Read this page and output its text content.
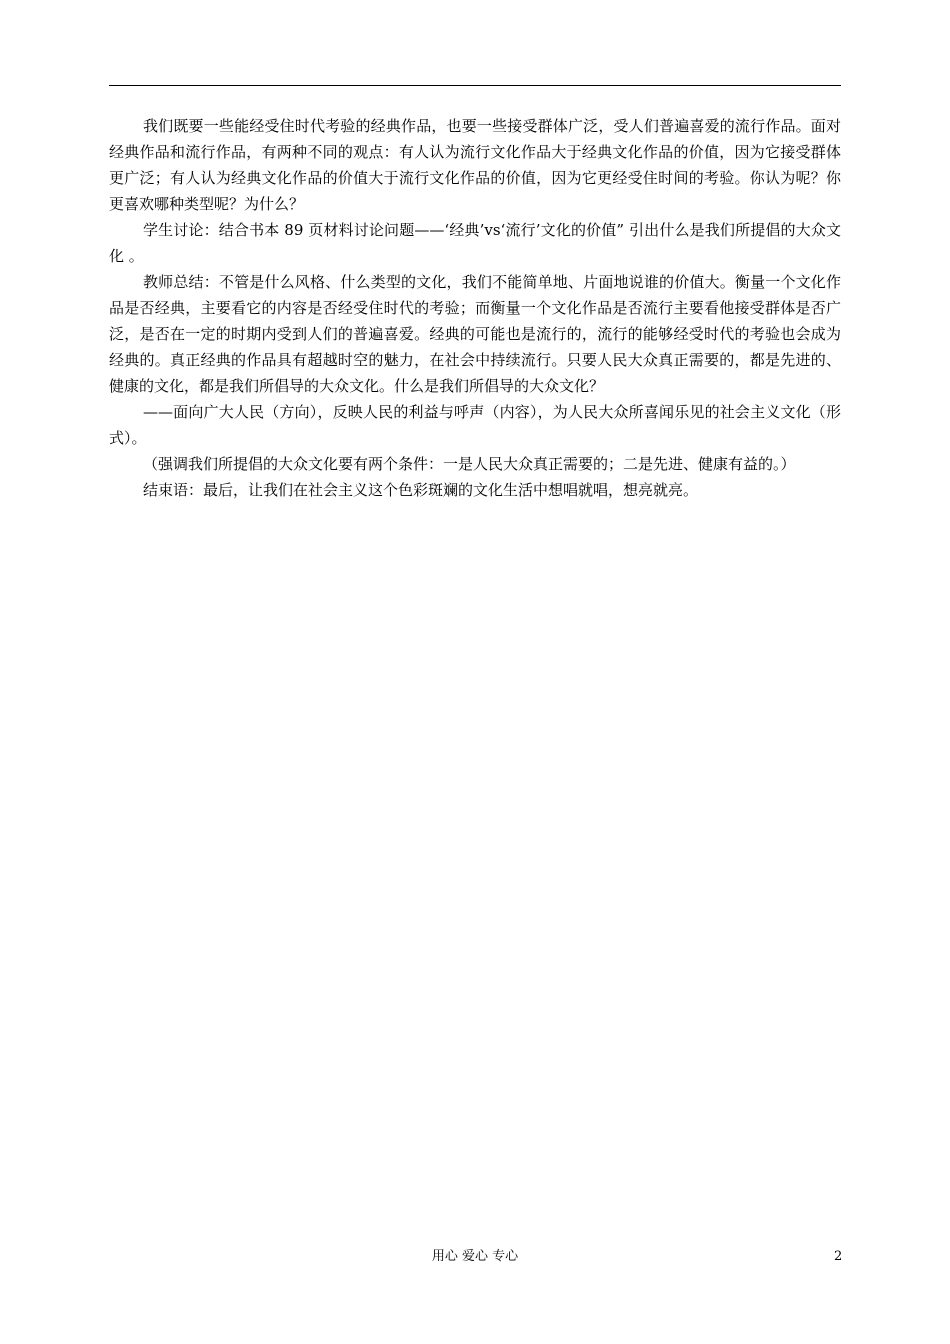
我们既要一些能经受住时代考验的经典作品，也要一些接受群体广泛，受人们普遍喜爱的流行作品。面对经典作品和流行作品，有两种不同的观点：有人认为流行文化作品大于经典文化作品的价值，因为它接受群体更广泛；有人认为经典文化作品的价值大于流行文化作品的价值，因为它更经受住时间的考验。你认为呢？你更喜欢哪种类型呢？为什么？

学生讨论：结合书本 89 页材料讨论问题——‘经典’vs‘流行’文化的价值” 引出什么是我们所提倡的大众文化 。

教师总结：不管是什么风格、什么类型的文化，我们不能简单地、片面地说谁的价值大。衡量一个文化作品是否经典，主要看它的内容是否经受住时代的考验；而衡量一个文化作品是否流行主要看他接受群体是否广泛，是否在一定的时期内受到人们的普遍喜爱。经典的可能也是流行的，流行的能够经受时代的考验也会成为经典的。真正经典的作品具有超越时空的魅力，在社会中持续流行。只要人民大众真正需要的，都是先进的、健康的文化，都是我们所倡导的大众文化。什么是我们所倡导的大众文化？

——面向广大人民（方向），反映人民的利益与呼声（内容），为人民大众所喜闻乐见的社会主义文化（形式）。

（强调我们所提倡的大众文化要有两个条件：一是人民大众真正需要的；二是先进、健康有益的。）

结束语：最后，让我们在社会主义这个色彩斑斓的文化生活中想唱就唱，想亮就亮。

用心 爱心 专心	2
